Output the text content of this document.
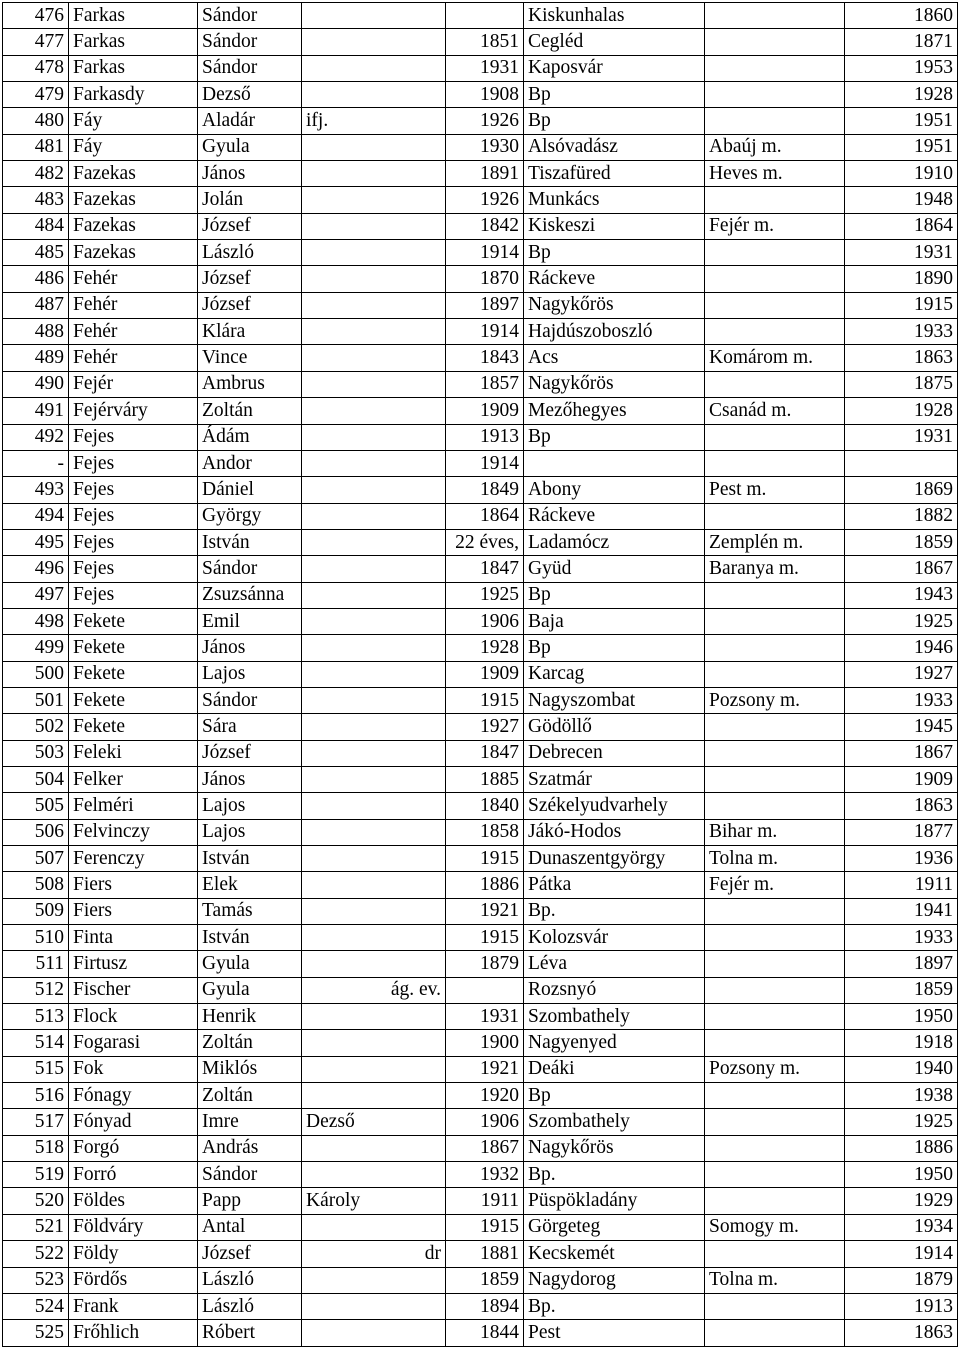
476	Farkas	Sándor			Kiskunhalas		1860
477	Farkas	Sándor		1851	Cegléd		1871
478	Farkas	Sándor		1931	Kaposvár		1953
479	Farkasdy	Dezső		1908	Bp		1928
480	Fáy	Aladár	ifj.	1926	Bp		1951
481	Fáy	Gyula		1930	Alsóvadász	Abaúj m.	1951
482	Fazekas	János		1891	Tiszafüred	Heves m.	1910
483	Fazekas	Jolán		1926	Munkács		1948
484	Fazekas	József		1842	Kiskeszi	Fejér m.	1864
485	Fazekas	László		1914	Bp		1931
486	Fehér	József		1870	Ráckeve		1890
487	Fehér	József		1897	Nagykőrös		1915
488	Fehér	Klára		1914	Hajdúszoboszló		1933
489	Fehér	Vince		1843	Acs	Komárom m.	1863
490	Fejér	Ambrus		1857	Nagykőrös		1875
491	Fejérváry	Zoltán		1909	Mezőhegyes	Csanád m.	1928
492	Fejes	Ádám		1913	Bp		1931
-	Fejes	Andor		1914			
493	Fejes	Dániel		1849	Abony	Pest m.	1869
494	Fejes	György		1864	Ráckeve		1882
495	Fejes	István		22 éves,	Ladamócz	Zemplén m.	1859
496	Fejes	Sándor		1847	Gyüd	Baranya m.	1867
497	Fejes	Zsuzsánna		1925	Bp		1943
498	Fekete	Emil		1906	Baja		1925
499	Fekete	János		1928	Bp		1946
500	Fekete	Lajos		1909	Karcag		1927
501	Fekete	Sándor		1915	Nagyszombat	Pozsony m.	1933
502	Fekete	Sára		1927	Gödöllő		1945
503	Feleki	József		1847	Debrecen		1867
504	Felker	János		1885	Szatmár		1909
505	Felméri	Lajos		1840	Székelyudvarhely		1863
506	Felvinczy	Lajos		1858	Jákó-Hodos	Bihar m.	1877
507	Ferenczy	István		1915	Dunaszentgyörgy	Tolna m.	1936
508	Fiers	Elek		1886	Pátka	Fejér m.	1911
509	Fiers	Tamás		1921	Bp.		1941
510	Finta	István		1915	Kolozsvár		1933
511	Firtusz	Gyula		1879	Léva		1897
512	Fischer	Gyula	ág. ev.		Rozsnyó		1859
513	Flock	Henrik		1931	Szombathely		1950
514	Fogarasi	Zoltán		1900	Nagyenyed		1918
515	Fok	Miklós		1921	Deáki	Pozsony m.	1940
516	Fónagy	Zoltán		1920	Bp		1938
517	Fónyad	Imre	Dezső	1906	Szombathely		1925
518	Forgó	András		1867	Nagykőrös		1886
519	Forró	Sándor		1932	Bp.		1950
520	Földes	Papp	Károly	1911	Püspökladány		1929
521	Földváry	Antal		1915	Görgeteg	Somogy m.	1934
522	Földy	József	dr	1881	Kecskemét		1914
523	Fördős	László		1859	Nagydorog	Tolna m.	1879
524	Frank	László		1894	Bp.		1913
525	Frőhlich	Róbert		1844	Pest		1863
